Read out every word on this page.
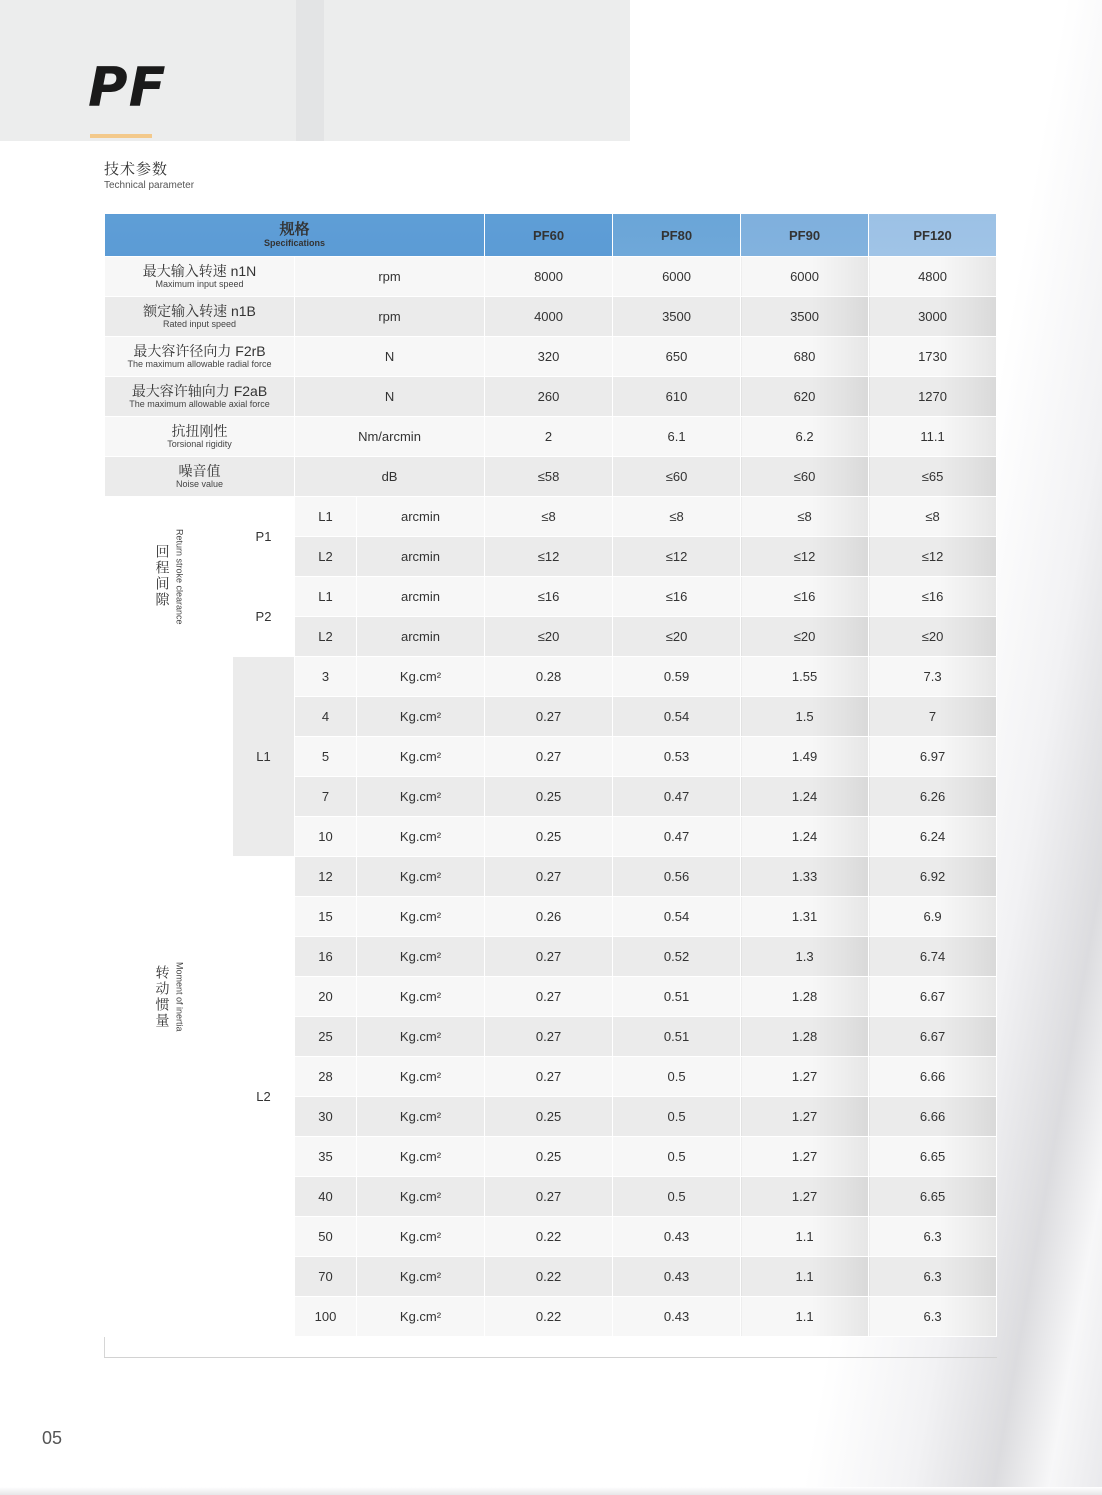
PF
技术参数
Technical parameter
规格
Specifications				PF60	PF80	PF90	PF120

最大输入转速 n1N
Maximum input speed		rpm		8000	6000	6000	4800

额定输入转速 n1B
Rated input speed		rpm		4000	3500	3500	3000

最大容许径向力 F2rB
The maximum allowable radial force		N		320	650	680	1730

最大容许轴向力 F2aB
The maximum allowable axial force		N		260	610	620	1270

抗扭刚性
Torsional rigidity		Nm/arcmin		2	6.1	6.2	11.1

噪音值
Noise value		dB		≤58	≤60	≤60	≤65

回程间隙 Return stroke clearance	P1	L1	arcmin	≤8	≤8	≤8	≤8
		L2	arcmin	≤12	≤12	≤12	≤12
	P2	L1	arcmin	≤16	≤16	≤16	≤16
		L2	arcmin	≤20	≤20	≤20	≤20

转动惯量 Moment of inertia	L1	3	Kg.cm²	0.28	0.59	1.55	7.3
		4	Kg.cm²	0.27	0.54	1.5	7
		5	Kg.cm²	0.27	0.53	1.49	6.97
		7	Kg.cm²	0.25	0.47	1.24	6.26
		10	Kg.cm²	0.25	0.47	1.24	6.24
	L2	12	Kg.cm²	0.27	0.56	1.33	6.92
		15	Kg.cm²	0.26	0.54	1.31	6.9
		16	Kg.cm²	0.27	0.52	1.3	6.74
		20	Kg.cm²	0.27	0.51	1.28	6.67
		25	Kg.cm²	0.27	0.51	1.28	6.67
		28	Kg.cm²	0.27	0.5	1.27	6.66
		30	Kg.cm²	0.25	0.5	1.27	6.66
		35	Kg.cm²	0.25	0.5	1.27	6.65
		40	Kg.cm²	0.27	0.5	1.27	6.65
		50	Kg.cm²	0.22	0.43	1.1	6.3
		70	Kg.cm²	0.22	0.43	1.1	6.3
		100	Kg.cm²	0.22	0.43	1.1	6.3
05
